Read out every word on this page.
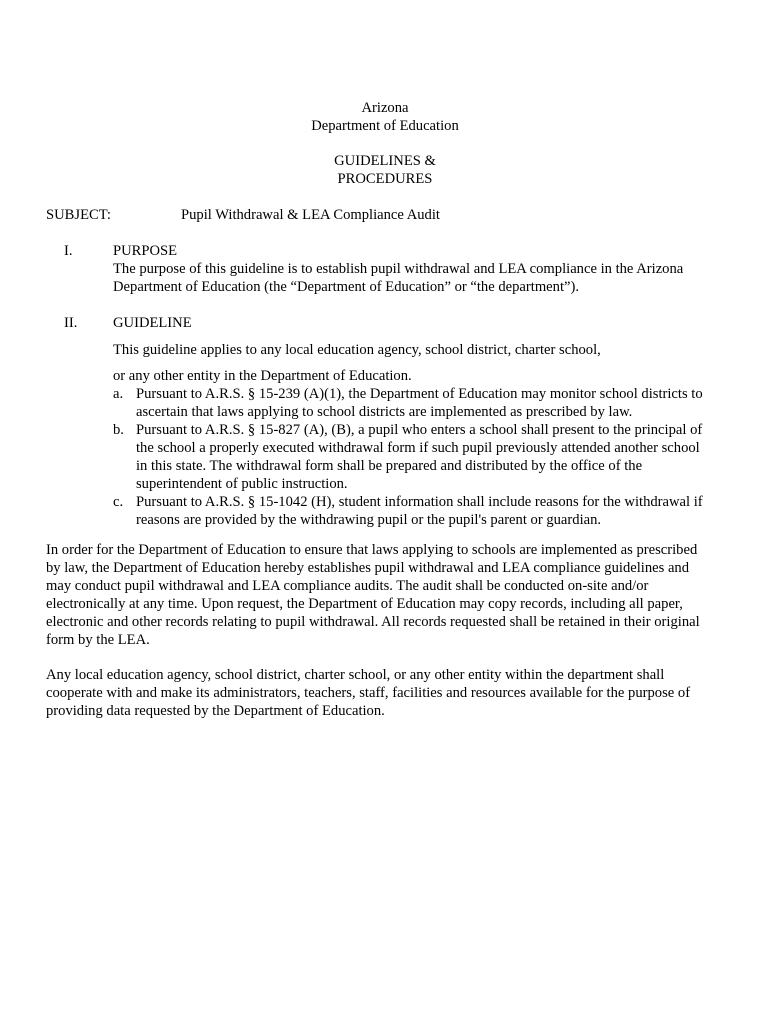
Arizona
Department of Education
GUIDELINES &
PROCEDURES
SUBJECT:	Pupil Withdrawal & LEA Compliance Audit
I.	PURPOSE
The purpose of this guideline is to establish pupil withdrawal and LEA compliance in the Arizona
Department of Education (the “Department of Education” or “the department”).
II. GUIDELINE
This guideline applies to any local education agency, school district, charter school,
or any other entity in the Department of Education.
a. Pursuant to A.R.S. § 15-239 (A)(1), the Department of Education may monitor school districts to
ascertain that laws applying to school districts are implemented as prescribed by law.
b. Pursuant to A.R.S. § 15-827 (A), (B), a pupil who enters a school shall present to the principal of
the school a properly executed withdrawal form if such pupil previously attended another school
in this state. The withdrawal form shall be prepared and distributed by the office of the
superintendent of public instruction.
c. Pursuant to A.R.S. § 15-1042 (H), student information shall include reasons for the withdrawal if
reasons are provided by the withdrawing pupil or the pupil's parent or guardian.
In order for the Department of Education to ensure that laws applying to schools are implemented as prescribed
by law, the Department of Education hereby establishes pupil withdrawal and LEA compliance guidelines and
may conduct pupil withdrawal and LEA compliance audits. The audit shall be conducted on-site and/or
electronically at any time. Upon request, the Department of Education may copy records, including all paper,
electronic and other records relating to pupil withdrawal. All records requested shall be retained in their original
form by the LEA.
Any local education agency, school district, charter school, or any other entity within the department shall
cooperate with and make its administrators, teachers, staff, facilities and resources available for the purpose of
providing data requested by the Department of Education.
